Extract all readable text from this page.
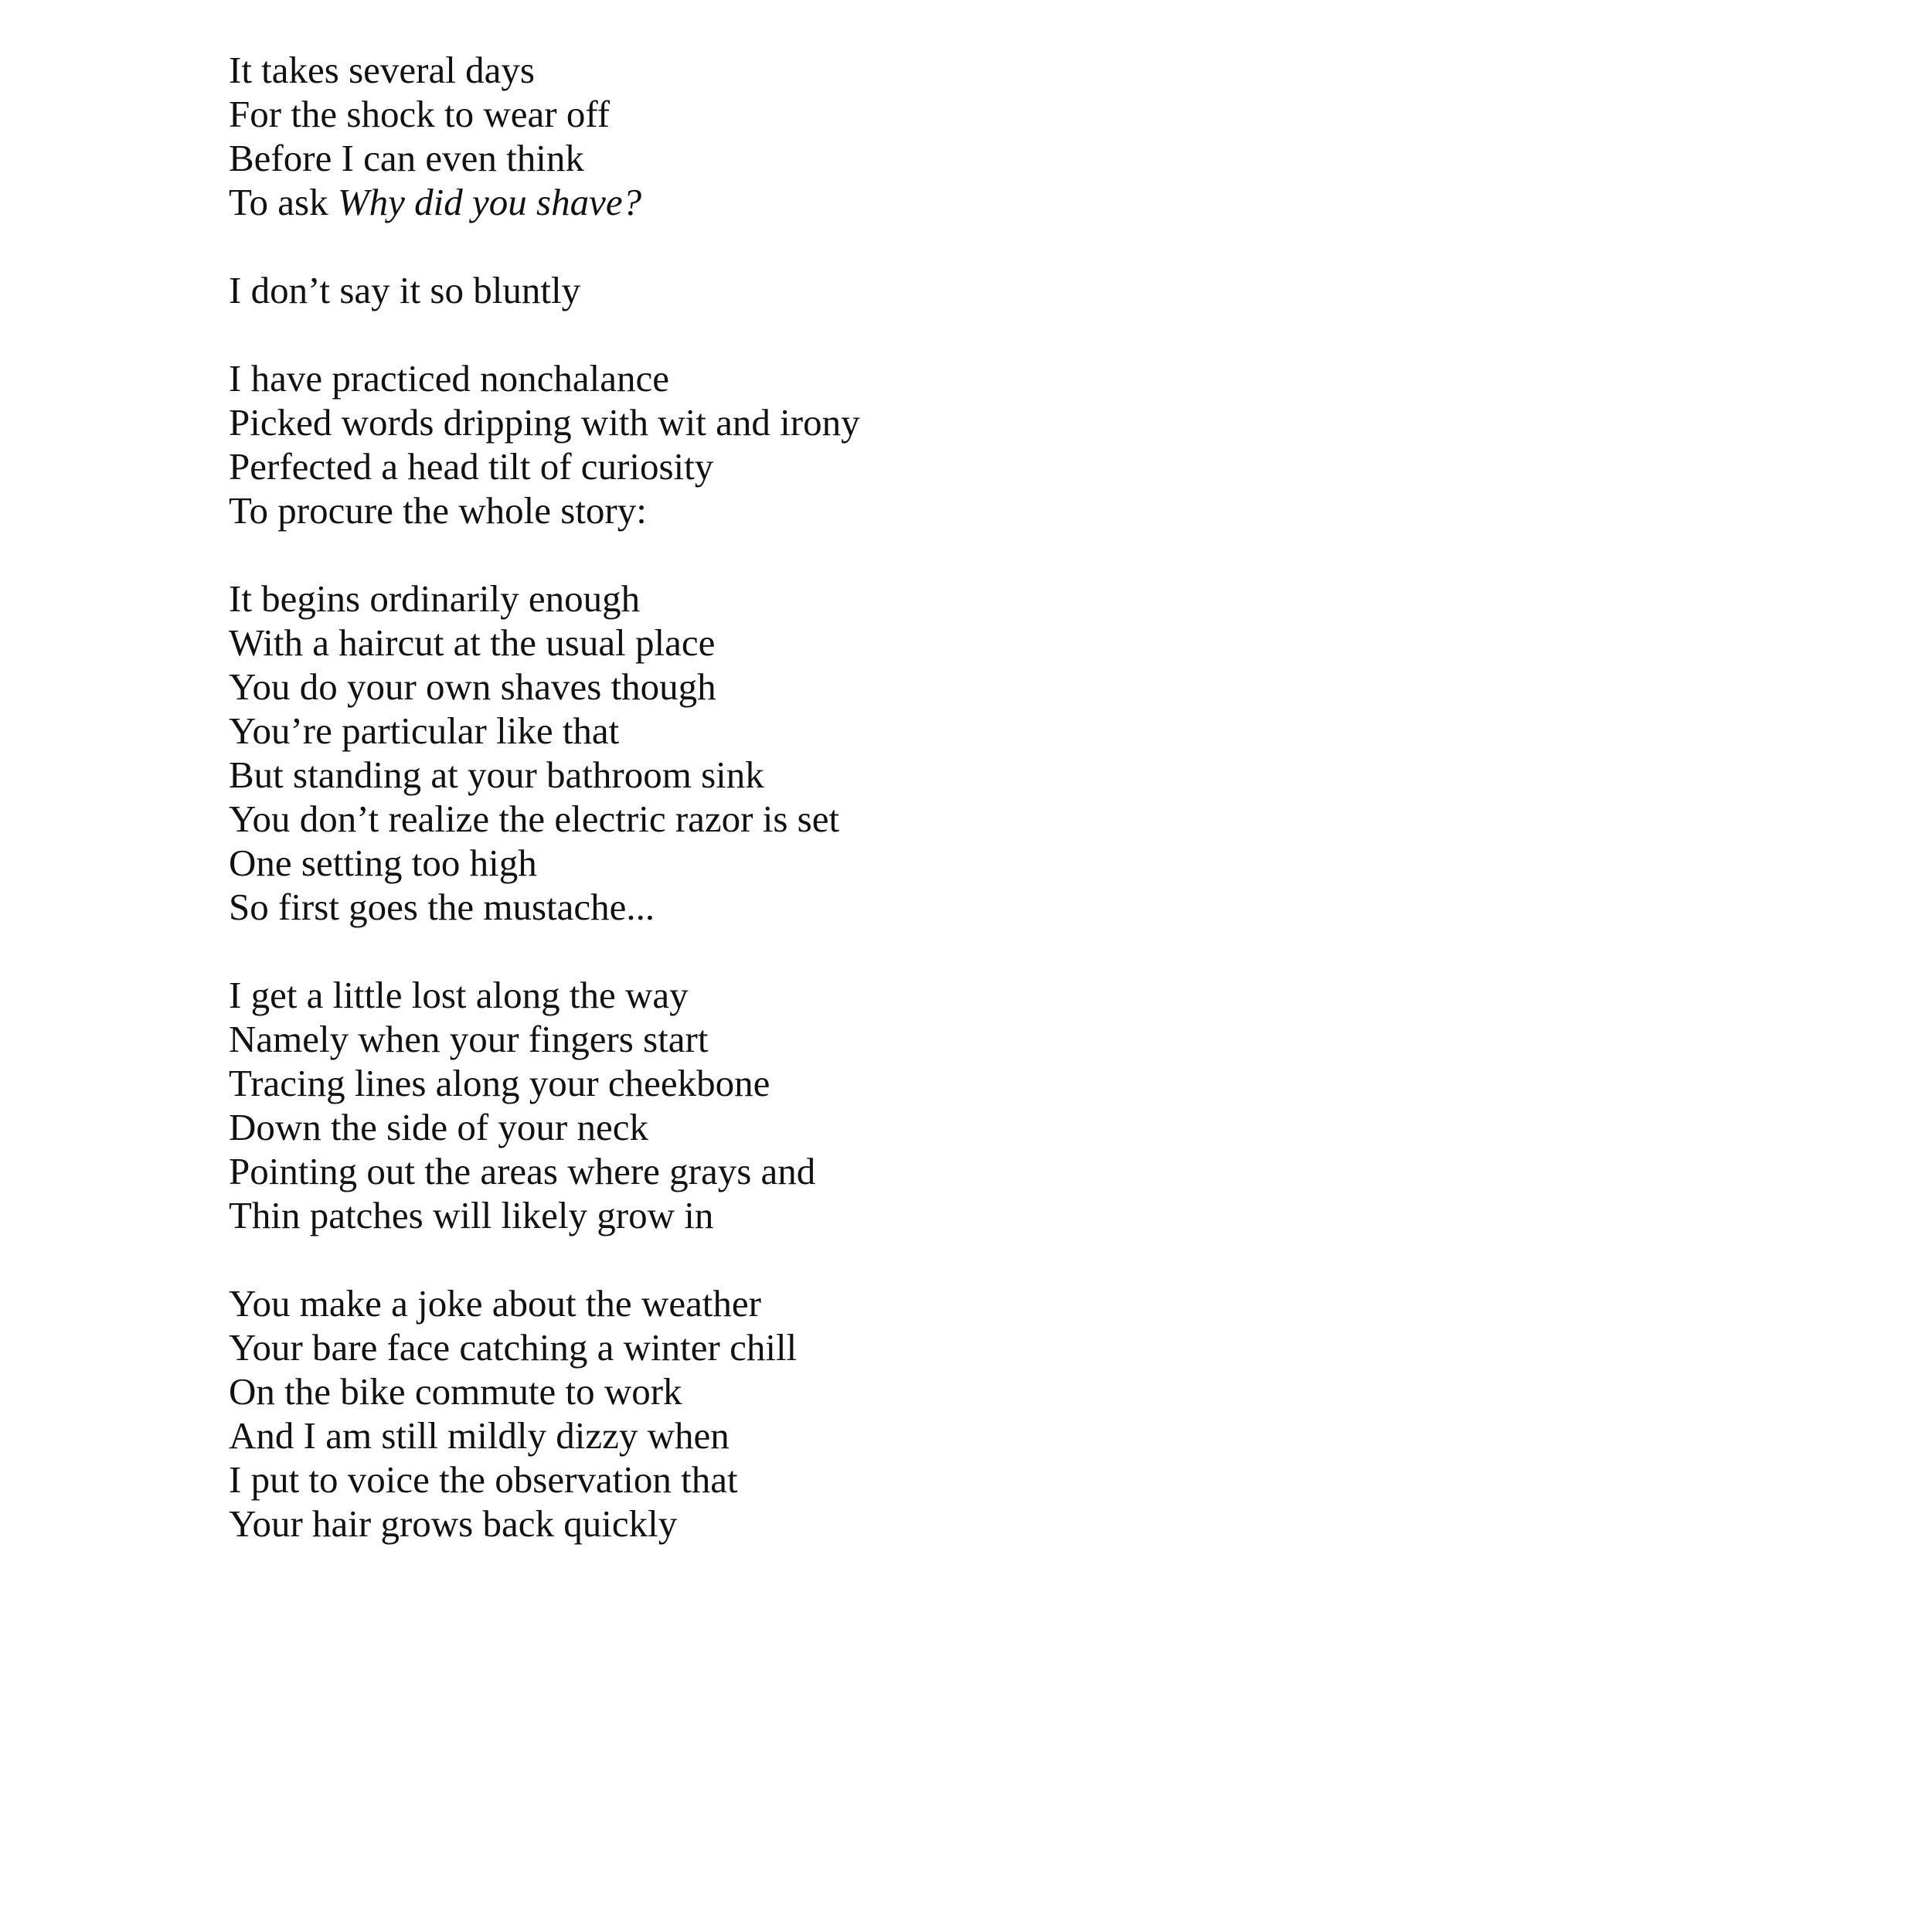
It takes several days
For the shock to wear off
Before I can even think
To ask Why did you shave?
I don’t say it so bluntly
I have practiced nonchalance
Picked words dripping with wit and irony
Perfected a head tilt of curiosity
To procure the whole story:
It begins ordinarily enough
With a haircut at the usual place
You do your own shaves though
You’re particular like that
But standing at your bathroom sink
You don’t realize the electric razor is set
One setting too high
So first goes the mustache...
I get a little lost along the way
Namely when your fingers start
Tracing lines along your cheekbone
Down the side of your neck
Pointing out the areas where grays and
Thin patches will likely grow in
You make a joke about the weather
Your bare face catching a winter chill
On the bike commute to work
And I am still mildly dizzy when
I put to voice the observation that
Your hair grows back quickly
